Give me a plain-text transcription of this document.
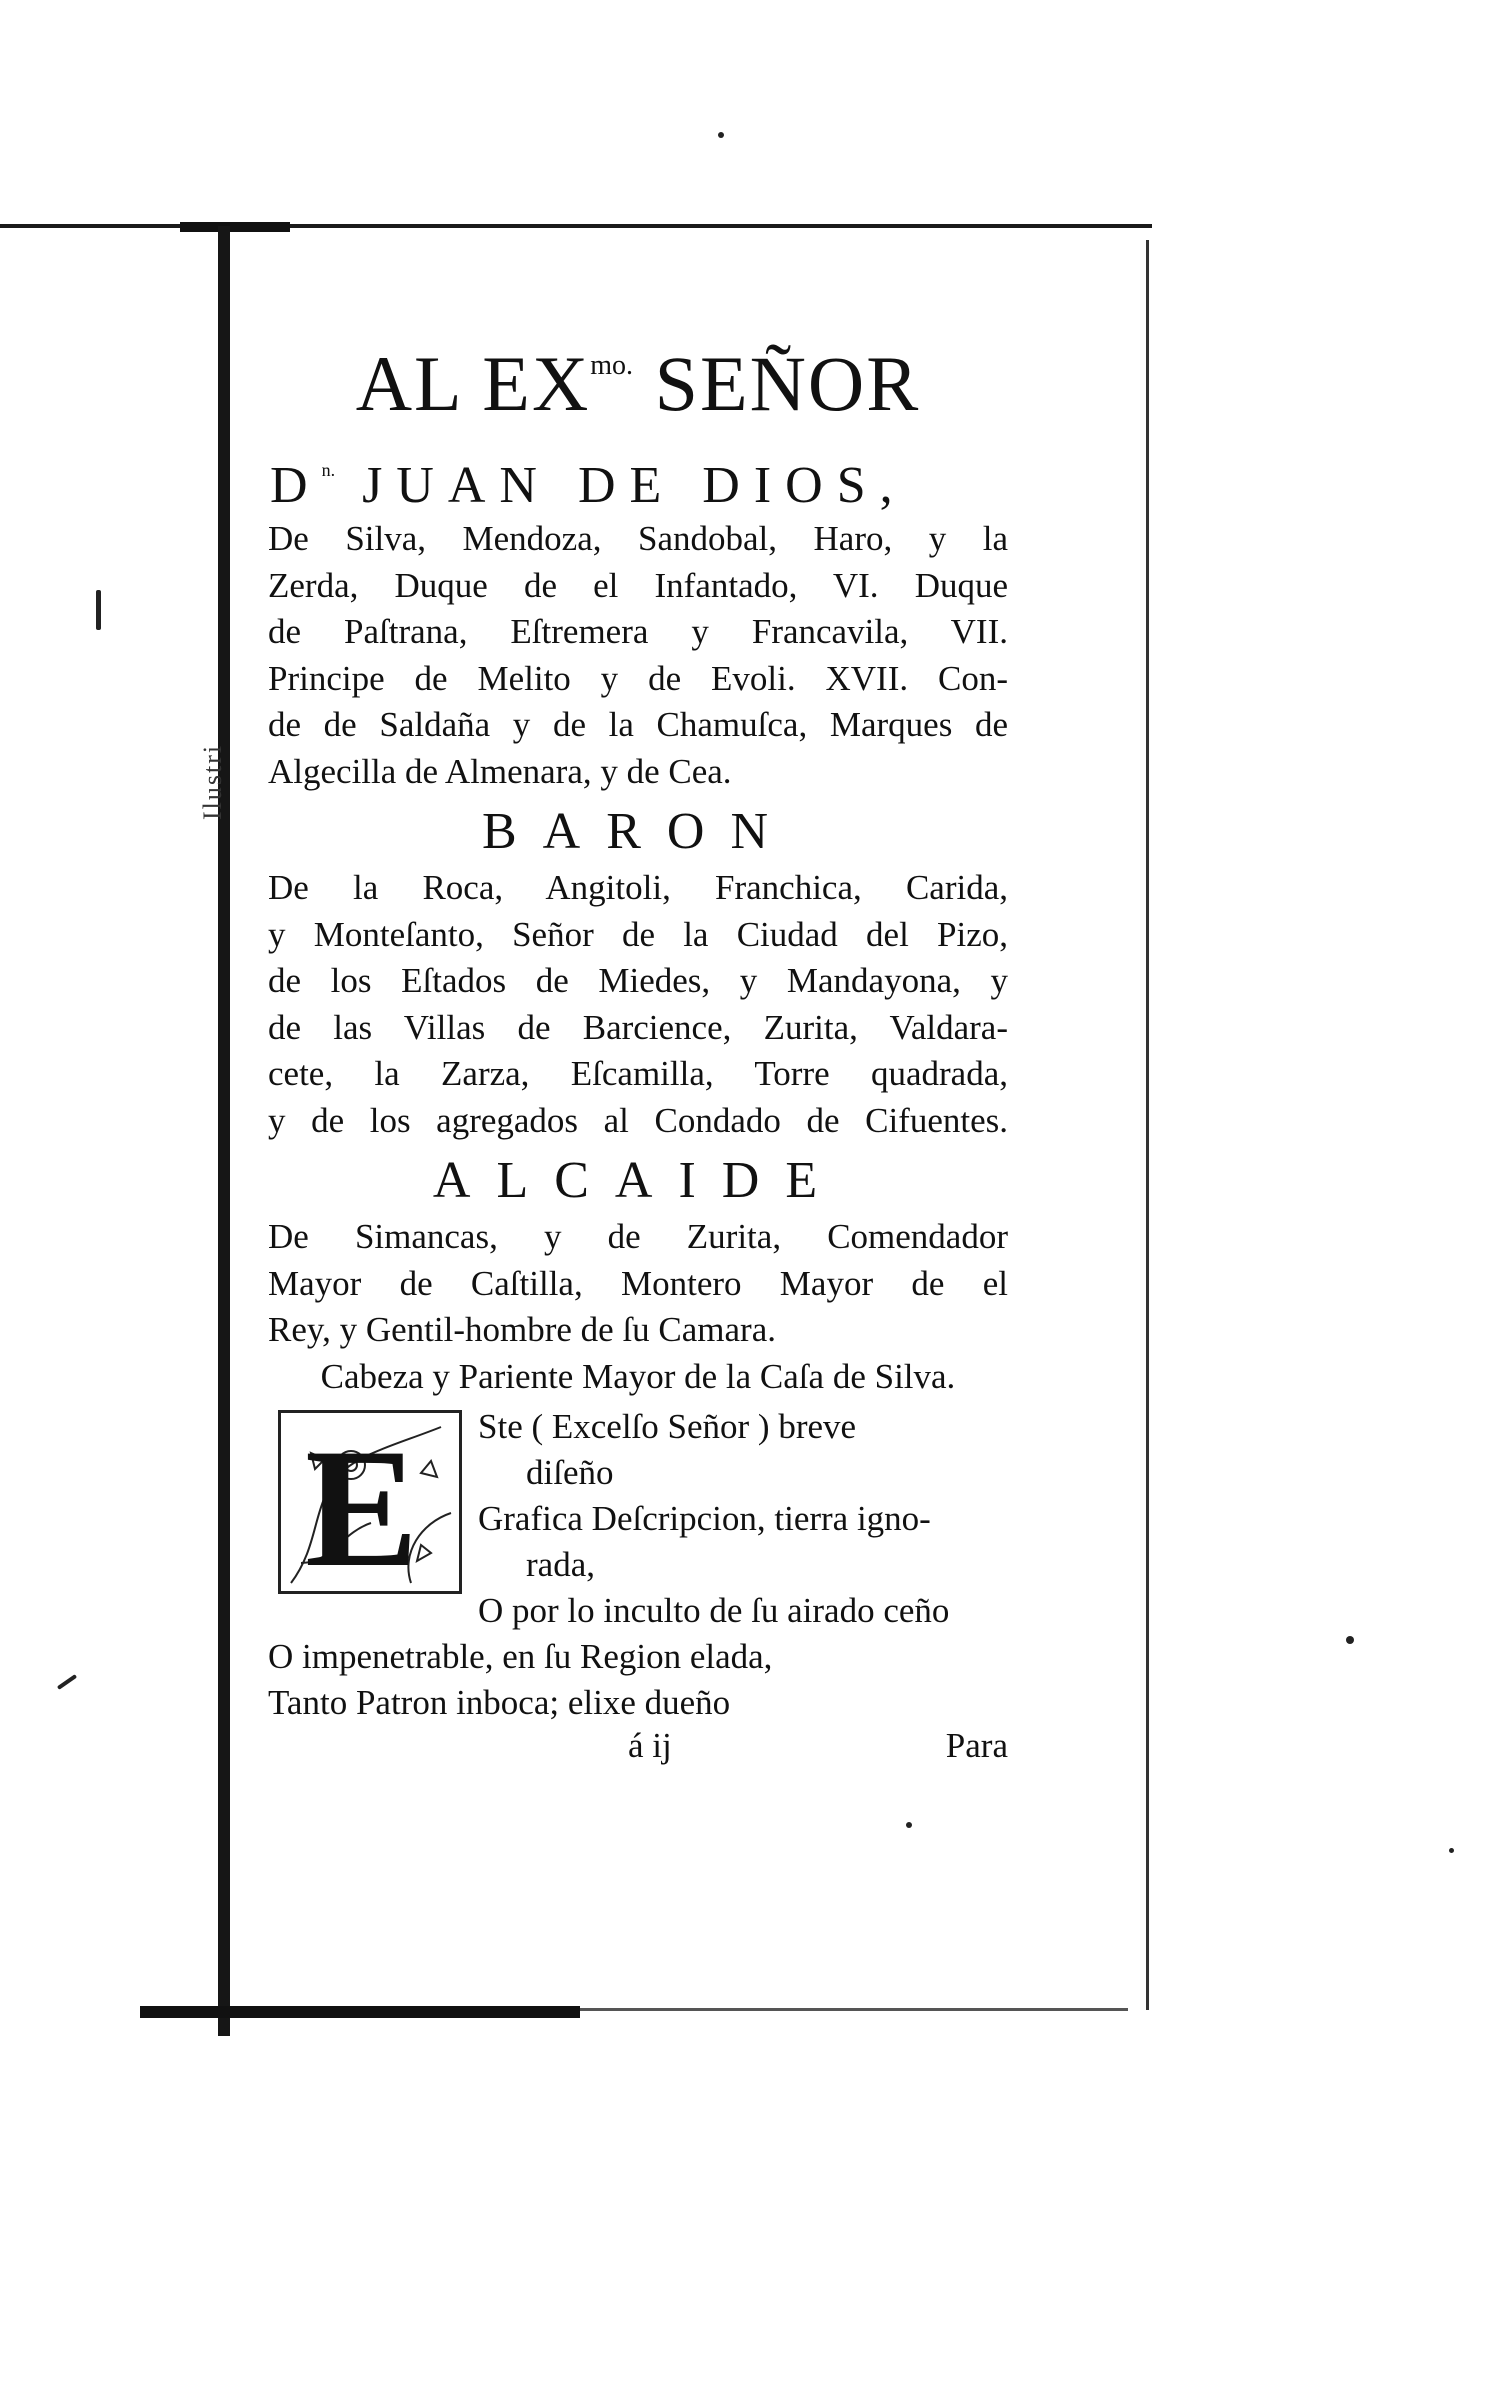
Ilustri
AL $EX^{mo.}$ SEÑOR
$D^{n.}$ JUAN DE DIOS,
De Silva, Mendoza, Sandobal, Haro, y la
Zerda, Duque de el Infantado, VI. Duque
de Paſtrana, Eſtremera y Francavila, VII.
Principe de Melito y de Evoli. XVII. Con-
de de Saldaña y de la Chamuſca, Marques de
Algecilla de Almenara, y de Cea.
BARON
De la Roca, Angitoli, Franchica, Carida,
y Monteſanto, Señor de la Ciudad del Pizo,
de los Eſtados de Miedes, y Mandayona, y
de las Villas de Barcience, Zurita, Valdara-
cete, la Zarza, Eſcamilla, Torre quadrada,
y de los agregados al Condado de Cifuentes.
ALCAIDE
De Simancas, y de Zurita, Comendador
Mayor de Caſtilla, Montero Mayor de el
Rey, y Gentil-hombre de ſu Camara.
Cabeza y Pariente Mayor de la Caſa de Silva.
E	Ste ( Excelſo Señor ) breve
diſeño
Grafica Deſcripcion, tierra igno-
rada,
O por lo inculto de ſu airado ceño
O impenetrable, en ſu Region elada,
Tanto Patron inboca; elixe dueño
á ij	Para
